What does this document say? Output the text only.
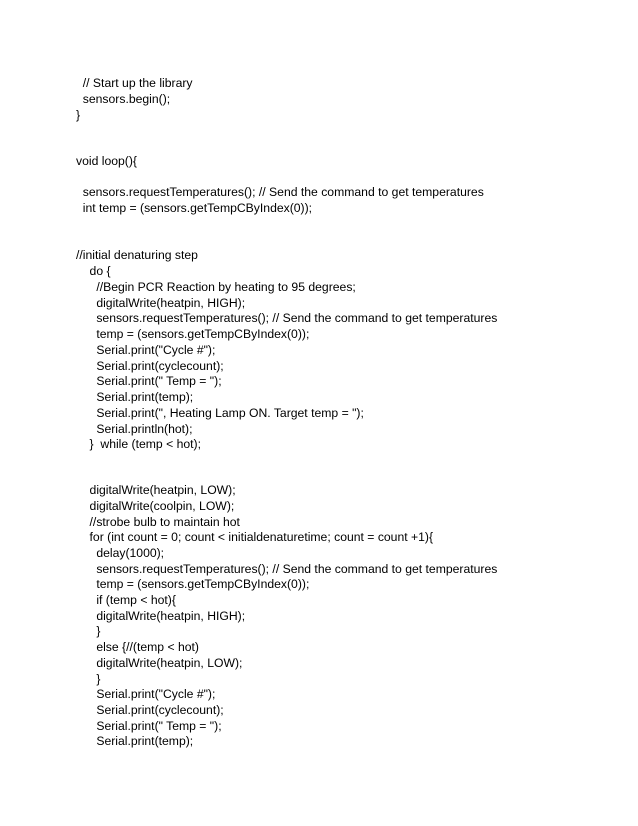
// Start up the library
sensors.begin();
}
void loop(){
sensors.requestTemperatures(); // Send the command to get temperatures
int temp = (sensors.getTempCByIndex(0));
//initial denaturing step
do {
//Begin PCR Reaction by heating to 95 degrees;
digitalWrite(heatpin, HIGH);
sensors.requestTemperatures(); // Send the command to get temperatures
temp = (sensors.getTempCByIndex(0));
Serial.print("Cycle #");
Serial.print(cyclecount);
Serial.print(" Temp = ");
Serial.print(temp);
Serial.print(", Heating Lamp ON. Target temp = ");
Serial.println(hot);
}  while (temp < hot);
digitalWrite(heatpin, LOW);
digitalWrite(coolpin, LOW);
//strobe bulb to maintain hot
for (int count = 0; count < initialdenaturetime; count = count +1){
delay(1000);
sensors.requestTemperatures(); // Send the command to get temperatures
temp = (sensors.getTempCByIndex(0));
if (temp < hot){
digitalWrite(heatpin, HIGH);
}
else {//(temp < hot)
digitalWrite(heatpin, LOW);
}
Serial.print("Cycle #");
Serial.print(cyclecount);
Serial.print(" Temp = ");
Serial.print(temp);
